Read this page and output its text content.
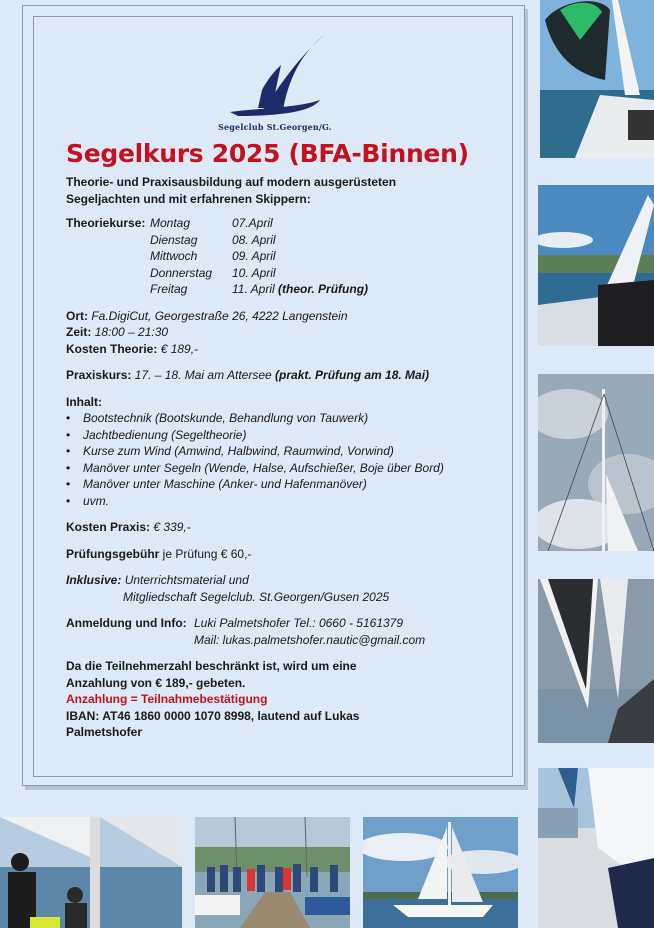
Segelclub St.Georgen/G.
Segelkurs 2025 (BFA-Binnen)
Theorie- und Praxisausbildung auf modern ausgerüsteten
Segeljachten und mit erfahrenen Skippern:
Theoriekurse: Montag	07.April
Dienstag	08. April
Mittwoch	09. April
Donnerstag	10. April
Freitag	11. April (theor. Prüfung)
Ort: Fa.DigiCut, Georgestraße 26, 4222 Langenstein
Zeit: 18:00 – 21:30
Kosten Theorie: € 189,-
Praxiskurs: 17. – 18. Mai am Attersee (prakt. Prüfung am 18. Mai)
Inhalt:
• Bootstechnik (Bootskunde, Behandlung von Tauwerk)
• Jachtbedienung (Segeltheorie)
• Kurse zum Wind (Amwind, Halbwind, Raumwind, Vorwind)
• Manöver unter Segeln (Wende, Halse, Aufschießer, Boje über Bord)
• Manöver unter Maschine (Anker- und Hafenmanöver)
• uvm.
Kosten Praxis: € 339,-
Prüfungsgebühr je Prüfung € 60,-
Inklusive: Unterrichtsmaterial und
Mitgliedschaft Segelclub. St.Georgen/Gusen 2025
Anmeldung und Info: Luki Palmetshofer Tel.: 0660 - 5161379
Mail: lukas.palmetshofer.nautic@gmail.com
Da die Teilnehmerzahl beschränkt ist, wird um eine
Anzahlung von € 189,- gebeten.
Anzahlung = Teilnahmebestätigung
IBAN: AT46 1860 0000 1070 8998, lautend auf Lukas
Palmetshofer
